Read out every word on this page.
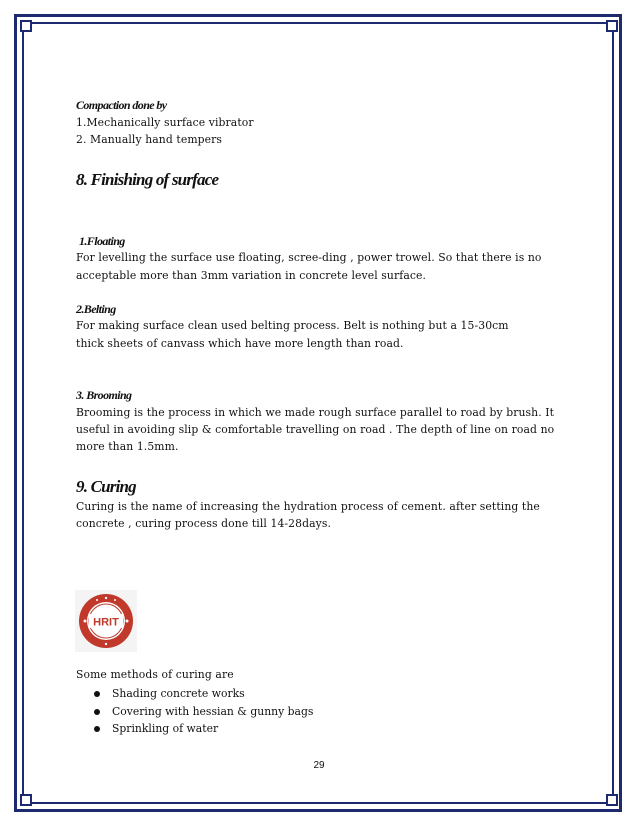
Compaction done by
1.Mechanically surface vibrator
2. Manually hand tempers
8. Finishing of surface
1.Floating
For levelling the surface use floating, scree-ding , power trowel. So that there is no
acceptable more than 3mm variation in concrete level surface.
2.Belting
For making surface clean used belting process. Belt is nothing but a 15-30cm
thick sheets of canvass which have more length than road.
3. Brooming
Brooming is the process in which we made rough surface parallel to road by brush. It
useful in avoiding slip & comfortable travelling on road . The depth of line on road no
more than 1.5mm.
9. Curing
Curing is the name of increasing the hydration process of cement. after setting the
concrete , curing process done till 14-28days.
Some methods of curing are
HRIT
Shading concrete works
Covering with hessian & gunny bags
Sprinkling of water
29
